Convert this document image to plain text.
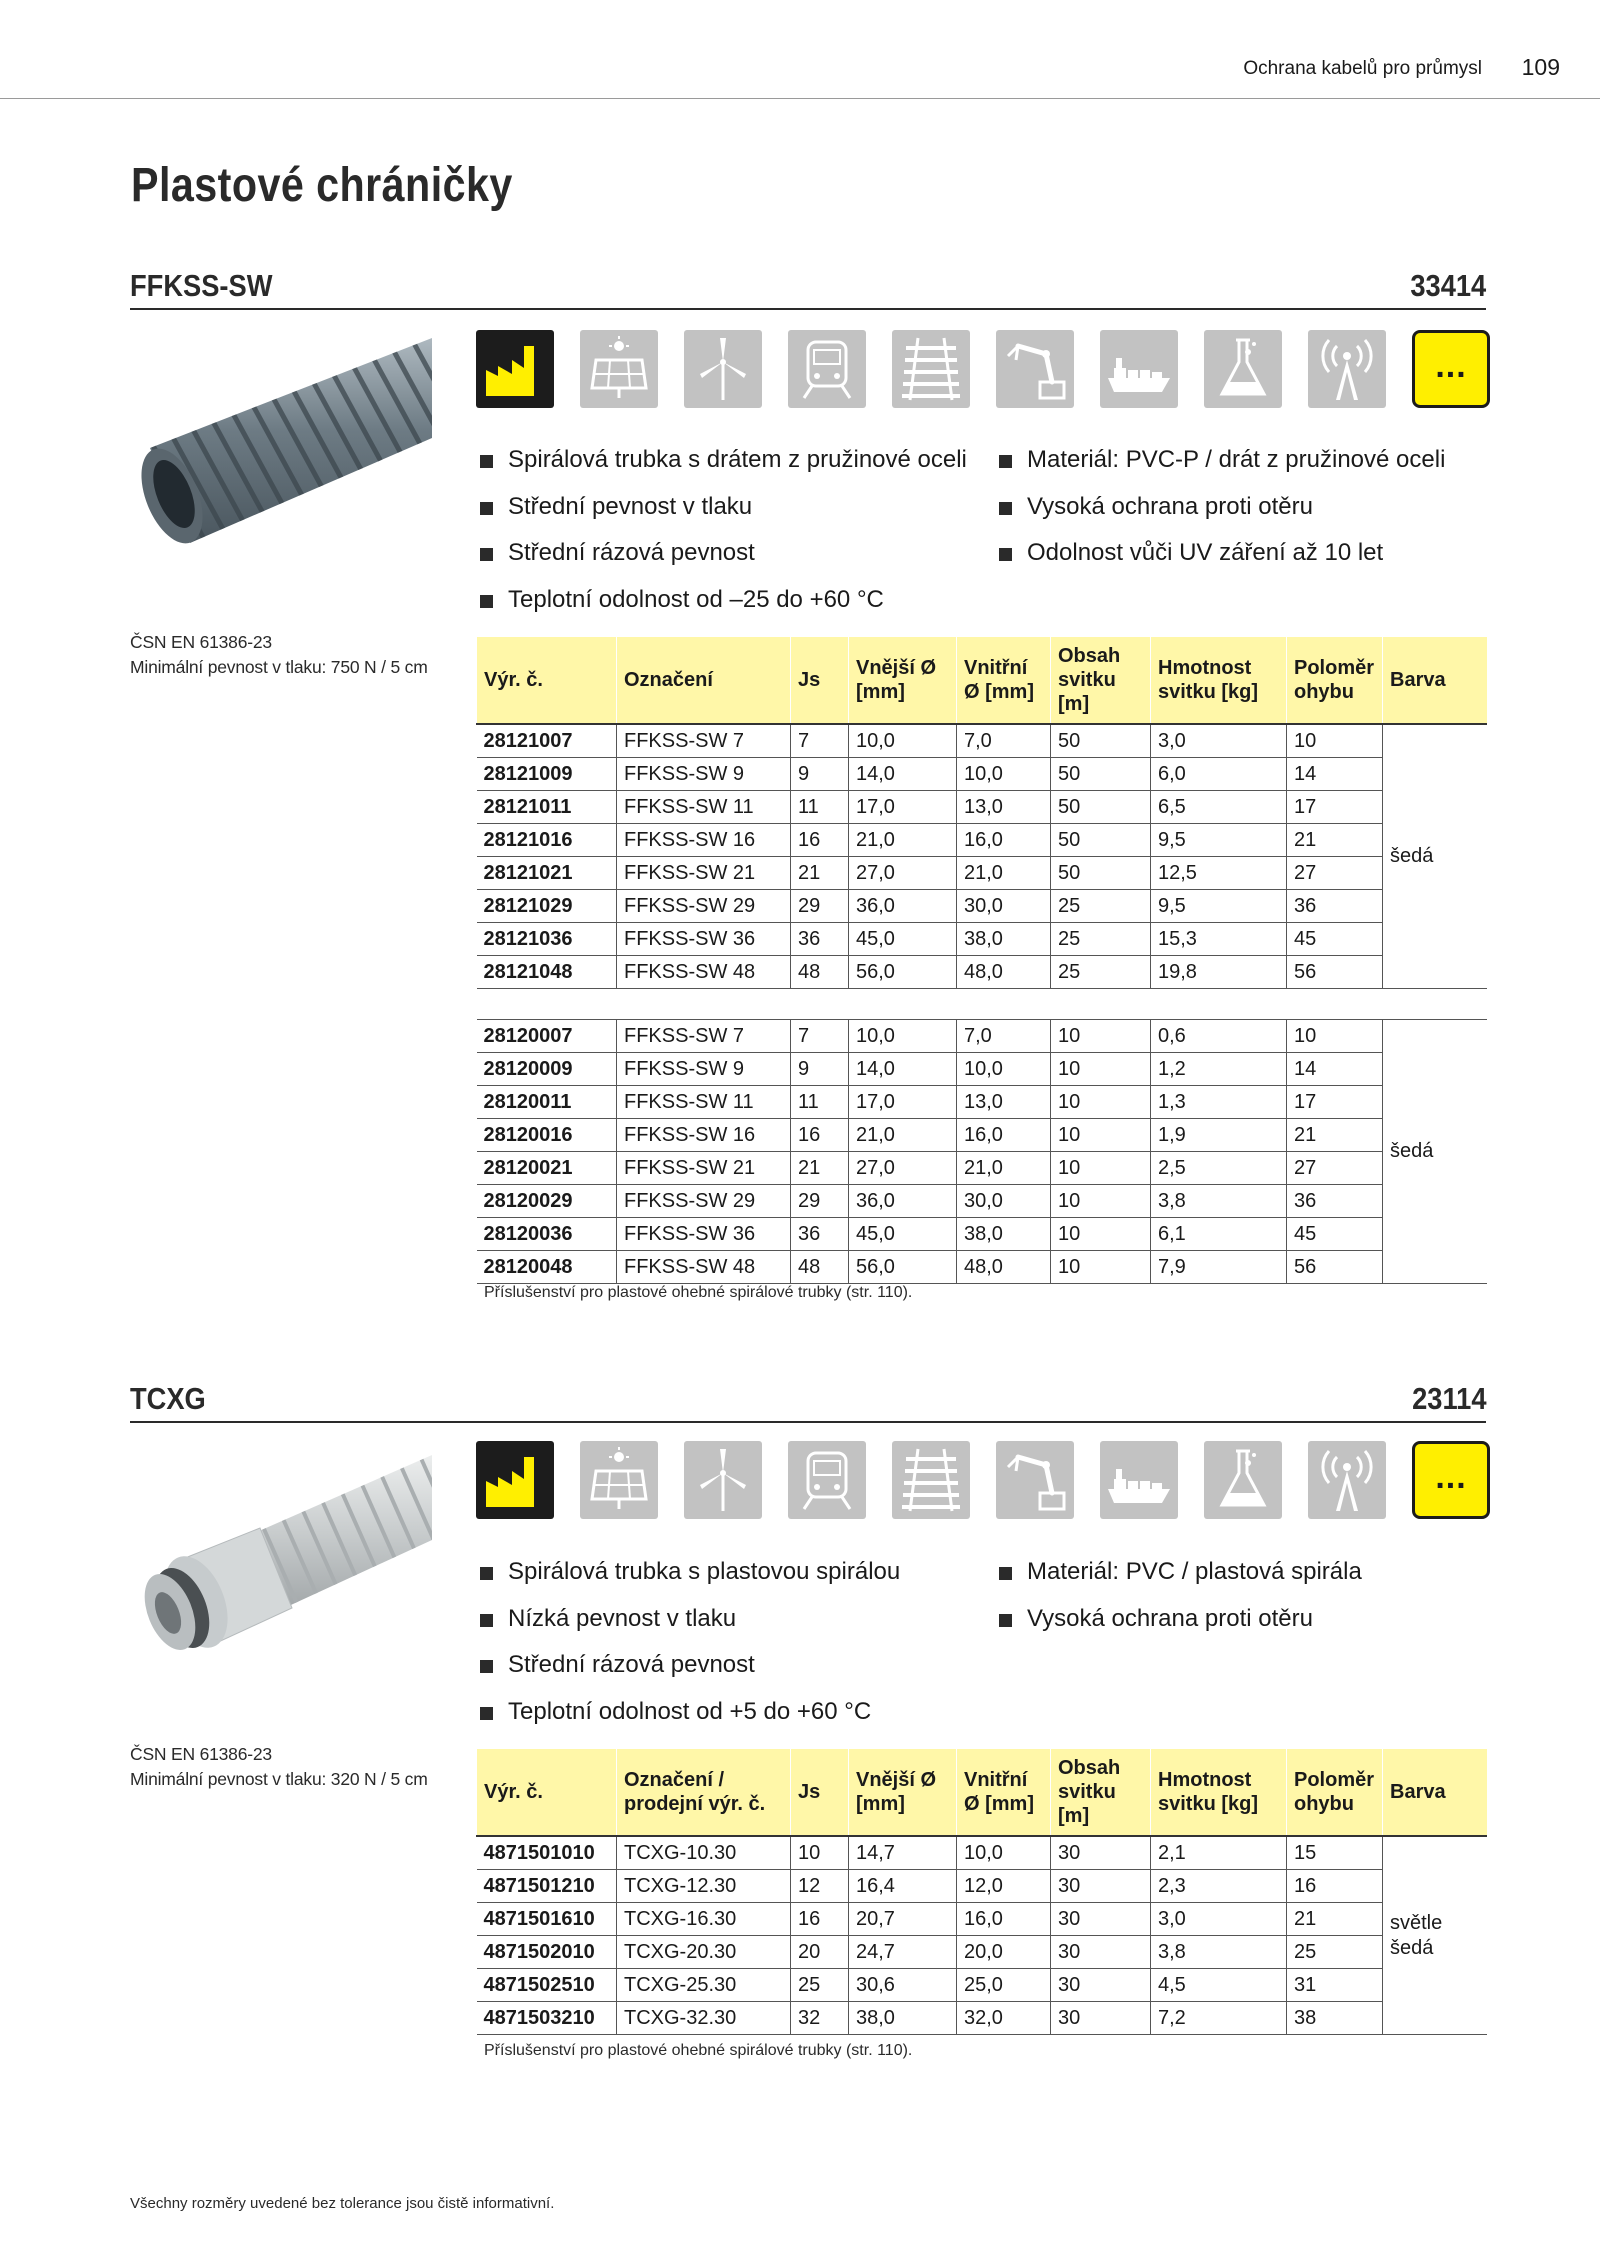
Ochrana kabelů pro průmysl 109
Plastové chráničky
FFKSS-SW	33414
ČSN EN 61386-23
Minimální pevnost v tlaku: 750 N / 5 cm
...
Spirálová trubka s drátem z pružinové oceli
Střední pevnost v tlaku
Střední rázová pevnost
Teplotní odolnost od –25 do +60 °C
Materiál: PVC-P / drát z pružinové oceli
Vysoká ochrana proti otěru
Odolnost vůči UV záření až 10 let
Výr. č.	Označení	Js	Vnější Ø [mm]	Vnitřní Ø [mm]	Obsah svitku [m]	Hmotnost svitku [kg]	Poloměr ohybu	Barva
28121007	FFKSS-SW 7	7	10,0	7,0	50	3,0	10	šedá
28121009	FFKSS-SW 9	9	14,0	10,0	50	6,0	14	
28121011	FFKSS-SW 11	11	17,0	13,0	50	6,5	17	
28121016	FFKSS-SW 16	16	21,0	16,0	50	9,5	21	
28121021	FFKSS-SW 21	21	27,0	21,0	50	12,5	27	
28121029	FFKSS-SW 29	29	36,0	30,0	25	9,5	36	
28121036	FFKSS-SW 36	36	45,0	38,0	25	15,3	45	
28121048	FFKSS-SW 48	48	56,0	48,0	25	19,8	56	

28120007	FFKSS-SW 7	7	10,0	7,0	10	0,6	10	šedá
28120009	FFKSS-SW 9	9	14,0	10,0	10	1,2	14	
28120011	FFKSS-SW 11	11	17,0	13,0	10	1,3	17	
28120016	FFKSS-SW 16	16	21,0	16,0	10	1,9	21	
28120021	FFKSS-SW 21	21	27,0	21,0	10	2,5	27	
28120029	FFKSS-SW 29	29	36,0	30,0	10	3,8	36	
28120036	FFKSS-SW 36	36	45,0	38,0	10	6,1	45	
28120048	FFKSS-SW 48	48	56,0	48,0	10	7,9	56	
Příslušenství pro plastové ohebné spirálové trubky (str. 110).
TCXG	23114
ČSN EN 61386-23
Minimální pevnost v tlaku: 320 N / 5 cm
...
Spirálová trubka s plastovou spirálou
Nízká pevnost v tlaku
Střední rázová pevnost
Teplotní odolnost od +5 do +60 °C
Materiál: PVC / plastová spirála
Vysoká ochrana proti otěru
Výr. č.	Označení / prodejní výr. č.	Js	Vnější Ø [mm]	Vnitřní Ø [mm]	Obsah svitku [m]	Hmotnost svitku [kg]	Poloměr ohybu	Barva
4871501010	TCXG-10.30	10	14,7	10,0	30	2,1	15	světle šedá
4871501210	TCXG-12.30	12	16,4	12,0	30	2,3	16	
4871501610	TCXG-16.30	16	20,7	16,0	30	3,0	21	
4871502010	TCXG-20.30	20	24,7	20,0	30	3,8	25	
4871502510	TCXG-25.30	25	30,6	25,0	30	4,5	31	
4871503210	TCXG-32.30	32	38,0	32,0	30	7,2	38	
Příslušenství pro plastové ohebné spirálové trubky (str. 110).
Všechny rozměry uvedené bez tolerance jsou čistě informativní.
